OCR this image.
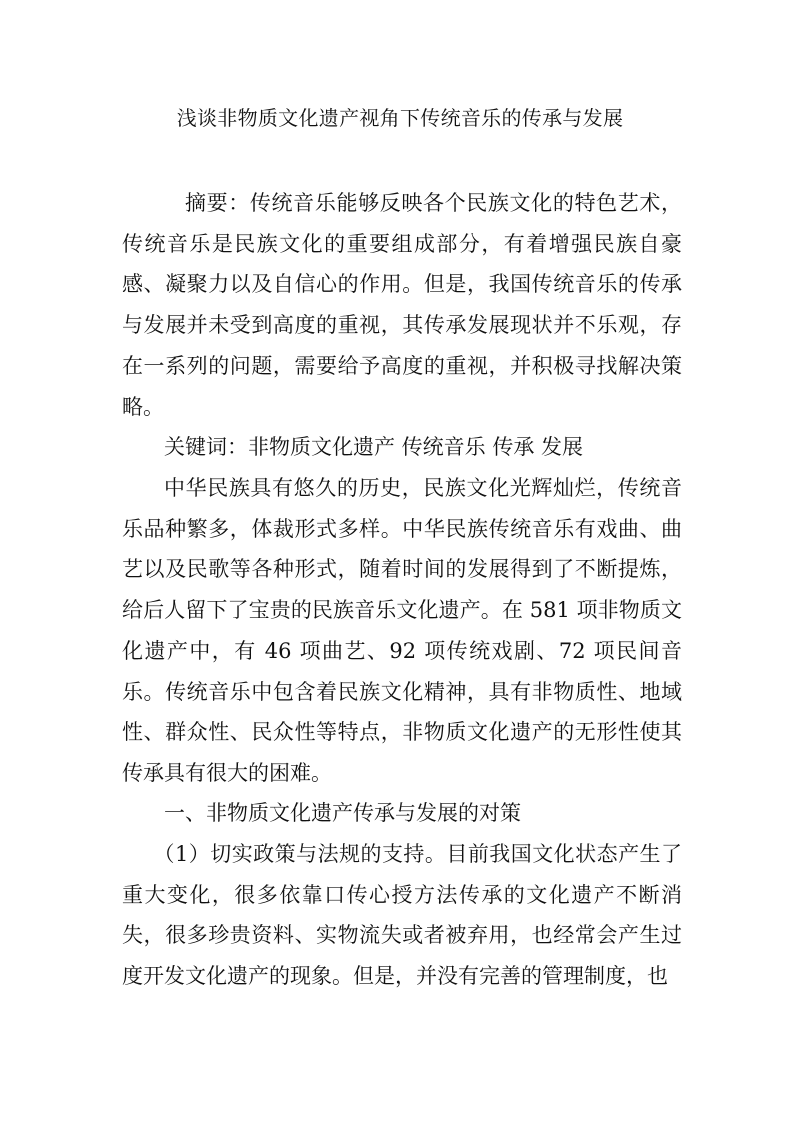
浅谈非物质文化遗产视角下传统音乐的传承与发展

摘要：传统音乐能够反映各个民族文化的特色艺术，传统音乐是民族文化的重要组成部分，有着增强民族自豪感、凝聚力以及自信心的作用。但是，我国传统音乐的传承与发展并未受到高度的重视，其传承发展现状并不乐观，存在一系列的问题，需要给予高度的重视，并积极寻找解决策略。

关键词：非物质文化遗产 传统音乐 传承 发展

中华民族具有悠久的历史，民族文化光辉灿烂，传统音乐品种繁多，体裁形式多样。中华民族传统音乐有戏曲、曲艺以及民歌等各种形式，随着时间的发展得到了不断提炼，给后人留下了宝贵的民族音乐文化遗产。在 581 项非物质文化遗产中，有 46 项曲艺、92 项传统戏剧、72 项民间音乐。传统音乐中包含着民族文化精神，具有非物质性、地域性、群众性、民众性等特点，非物质文化遗产的无形性使其传承具有很大的困难。

一、非物质文化遗产传承与发展的对策

（1）切实政策与法规的支持。目前我国文化状态产生了重大变化，很多依靠口传心授方法传承的文化遗产不断消失，很多珍贵资料、实物流失或者被弃用，也经常会产生过度开发文化遗产的现象。但是，并没有完善的管理制度，也
